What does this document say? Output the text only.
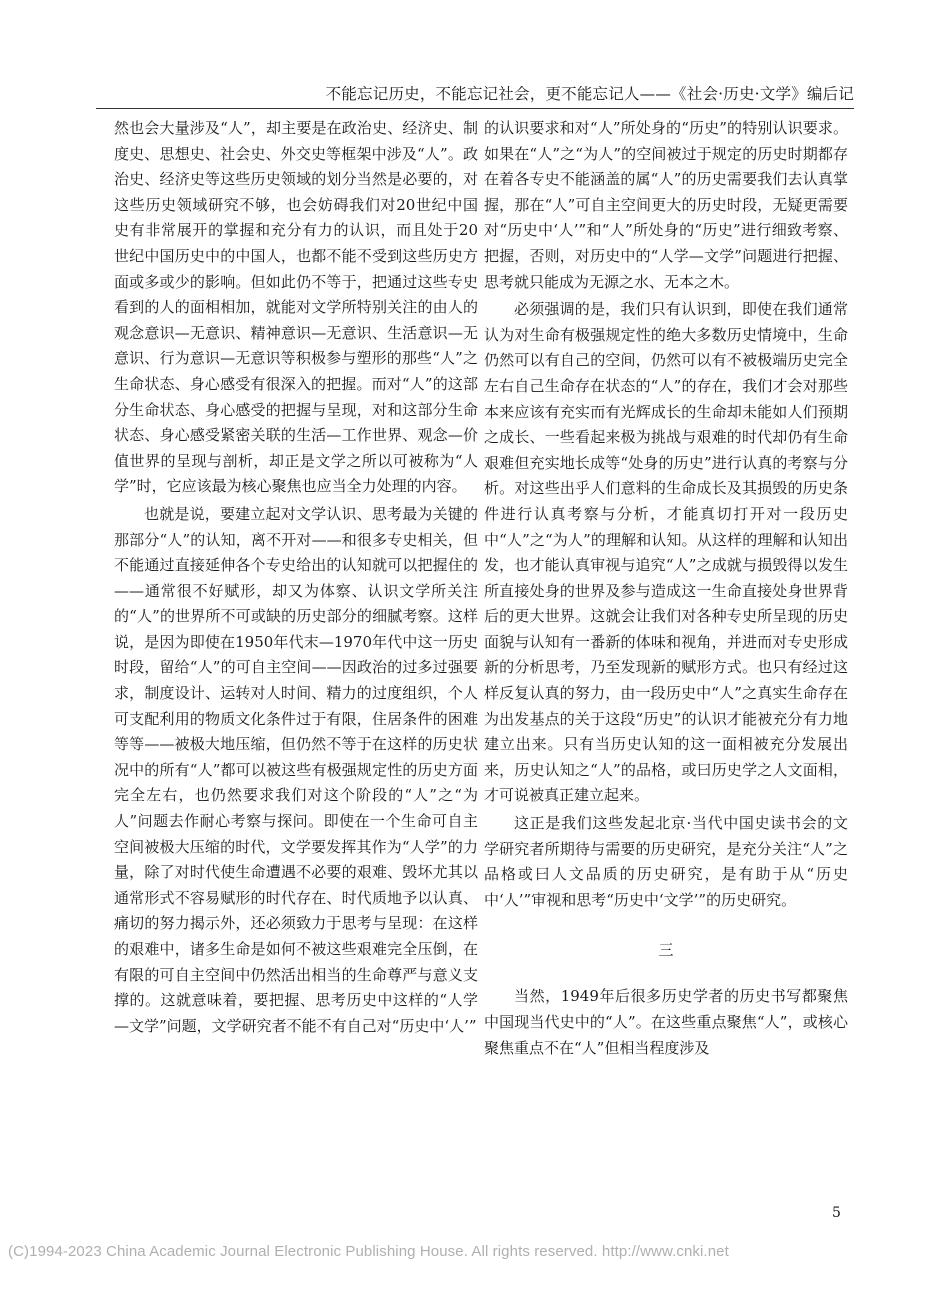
不能忘记历史，不能忘记社会，更不能忘记人——《社会·历史·文学》编后记

然也会大量涉及“人”，却主要是在政治史、经济史、制度史、思想史、社会史、外交史等框架中涉及“人”。政治史、经济史等这些历史领域的划分当然是必要的，对这些历史领域研究不够，也会妨碍我们对20世纪中国史有非常展开的掌握和充分有力的认识，而且处于20世纪中国历史中的中国人，也都不能不受到这些历史方面或多或少的影响。但如此仍不等于，把通过这些专史看到的人的面相相加，就能对文学所特别关注的由人的观念意识—无意识、精神意识—无意识、生活意识—无意识、行为意识—无意识等积极参与塑形的那些“人”之生命状态、身心感受有很深入的把握。而对“人”的这部分生命状态、身心感受的把握与呈现，对和这部分生命状态、身心感受紧密关联的生活—工作世界、观念—价值世界的呈现与剖析，却正是文学之所以可被称为“人学”时，它应该最为核心聚焦也应当全力处理的内容。

也就是说，要建立起对文学认识、思考最为关键的那部分“人”的认知，离不开对——和很多专史相关，但不能通过直接延伸各个专史给出的认知就可以把握住的——通常很不好赋形，却又为体察、认识文学所关注的“人”的世界所不可或缺的历史部分的细腻考察。这样说，是因为即使在1950年代末—1970年代中这一历史时段，留给“人”的可自主空间——因政治的过多过强要求，制度设计、运转对人时间、精力的过度组织，个人可支配利用的物质文化条件过于有限，住居条件的困难等等——被极大地压缩，但仍然不等于在这样的历史状况中的所有“人”都可以被这些有极强规定性的历史方面完全左右，也仍然要求我们对这个阶段的“人”之“为人”问题去作耐心考察与探问。即使在一个生命可自主空间被极大压缩的时代，文学要发挥其作为“人学”的力量，除了对时代使生命遭遇不必要的艰难、毁坏尤其以通常形式不容易赋形的时代存在、时代质地予以认真、痛切的努力揭示外，还必须致力于思考与呈现：在这样的艰难中，诸多生命是如何不被这些艰难完全压倒，在有限的可自主空间中仍然活出相当的生命尊严与意义支撑的。这就意味着，要把握、思考历史中这样的“人学—文学”问题，文学研究者不能不有自己对“历史中‘人’”

的认识要求和对“人”所处身的“历史”的特别认识要求。如果在“人”之“为人”的空间被过于规定的历史时期都存在着各专史不能涵盖的属“人”的历史需要我们去认真掌握，那在“人”可自主空间更大的历史时段，无疑更需要对“历史中‘人’”和“人”所处身的“历史”进行细致考察、把握，否则，对历史中的“人学—文学”问题进行把握、思考就只能成为无源之水、无本之木。

必须强调的是，我们只有认识到，即使在我们通常认为对生命有极强规定性的绝大多数历史情境中，生命仍然可以有自己的空间，仍然可以有不被极端历史完全左右自己生命存在状态的“人”的存在，我们才会对那些本来应该有充实而有光辉成长的生命却未能如人们预期之成长、一些看起来极为挑战与艰难的时代却仍有生命艰难但充实地长成等“处身的历史”进行认真的考察与分析。对这些出乎人们意料的生命成长及其损毁的历史条件进行认真考察与分析，才能真切打开对一段历史中“人”之“为人”的理解和认知。从这样的理解和认知出发，也才能认真审视与追究“人”之成就与损毁得以发生所直接处身的世界及参与造成这一生命直接处身世界背后的更大世界。这就会让我们对各种专史所呈现的历史面貌与认知有一番新的体味和视角，并进而对专史形成新的分析思考，乃至发现新的赋形方式。也只有经过这样反复认真的努力，由一段历史中“人”之真实生命存在为出发基点的关于这段“历史”的认识才能被充分有力地建立出来。只有当历史认知的这一面相被充分发展出来，历史认知之“人”的品格，或曰历史学之人文面相，才可说被真正建立起来。

这正是我们这些发起北京·当代中国史读书会的文学研究者所期待与需要的历史研究，是充分关注“人”之品格或曰人文品质的历史研究，是有助于从“历史中‘人’”审视和思考“历史中‘文学’”的历史研究。

三

当然，1949年后很多历史学者的历史书写都聚焦中国现当代史中的“人”。在这些重点聚焦“人”，或核心聚焦重点不在“人”但相当程度涉及

5
(C)1994-2023 China Academic Journal Electronic Publishing House. All rights reserved. http://www.cnki.net
